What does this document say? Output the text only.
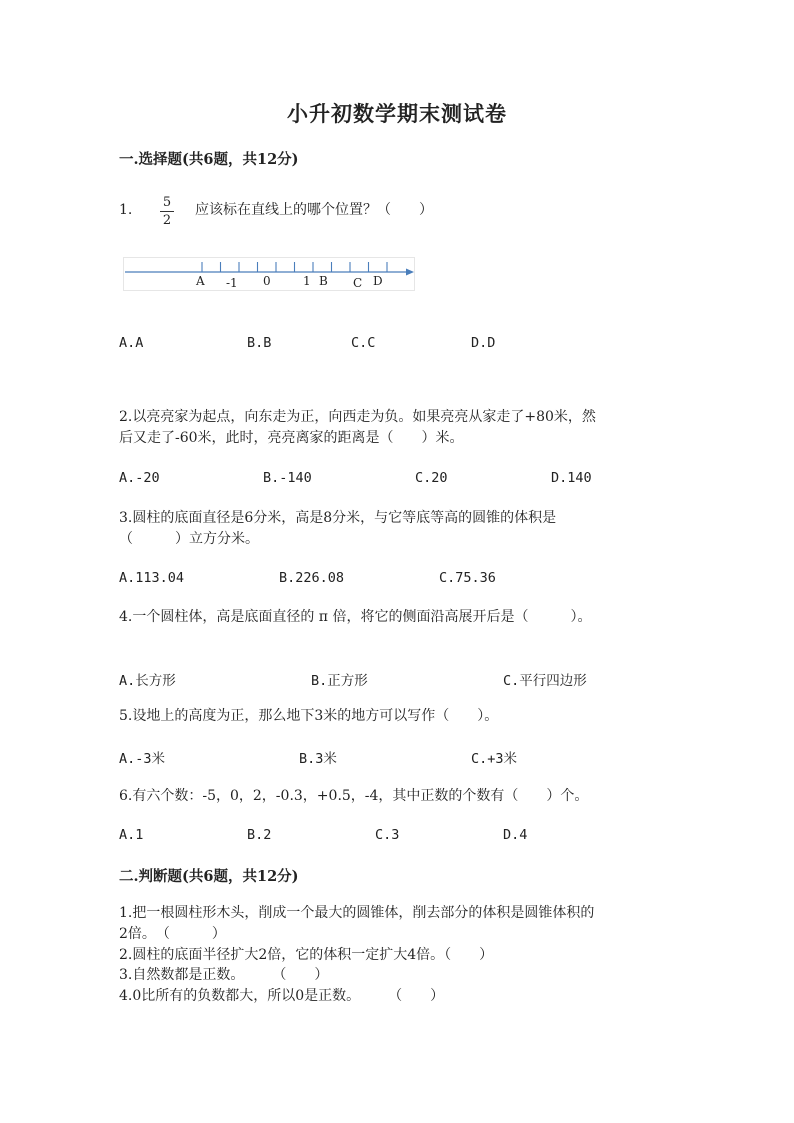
小升初数学期末测试卷
一.选择题(共6题，共12分)
1. $\frac{5}{2}$ 应该标在直线上的哪个位置？（　　）
A -1 0	1 B C D
A.A	B.B	C.C	D.D
2.以亮亮家为起点，向东走为正，向西走为负。如果亮亮从家走了+80米，然
后又走了-60米，此时，亮亮离家的距离是（　　）米。
A.-20	B.-140	C.20	D.140
3.圆柱的底面直径是6分米，高是8分米，与它等底等高的圆锥的体积是
（　　　）立方分米。
A.113.04	B.226.08	C.75.36
4.一个圆柱体，高是底面直径的 π 倍，将它的侧面沿高展开后是（　　　）。
A.长方形	B.正方形	C.平行四边形
5.设地上的高度为正，那么地下3米的地方可以写作（　　）。
A.-3米	B.3米	C.+3米
6.有六个数：-5，0，2，-0.3，+0.5，-4，其中正数的个数有（　　）个。
A.1	B.2	C.3	D.4
二.判断题(共6题，共12分)
1.把一根圆柱形木头，削成一个最大的圆锥体，削去部分的体积是圆锥体积的
2倍。　（　　　）
2.圆柱的底面半径扩大2倍，它的体积一定扩大4倍。（　　）
3.自然数都是正数。　　　（　　）
4.0比所有的负数都大，所以0是正数。　　　（　　）
